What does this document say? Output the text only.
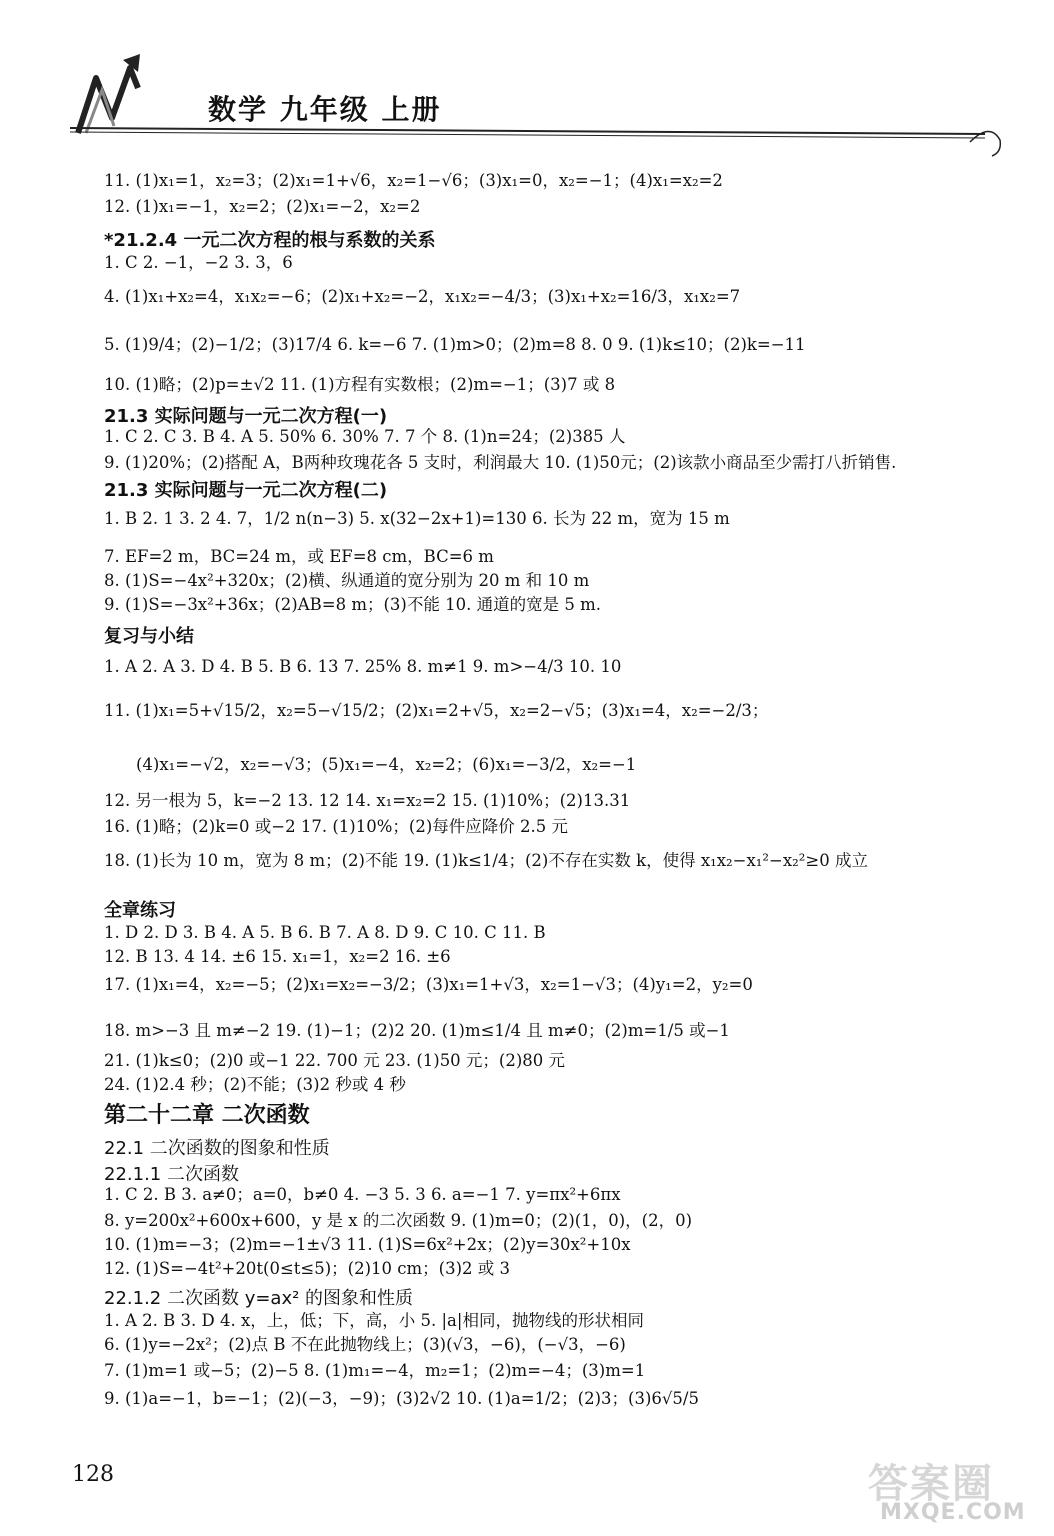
数学 九年级 上册
11. (1)x₁=1，x₂=3；(2)x₁=1+√6，x₂=1−√6；(3)x₁=0，x₂=−1；(4)x₁=x₂=2
12. (1)x₁=−1，x₂=2；(2)x₁=−2，x₂=2
*21.2.4 一元二次方程的根与系数的关系
1. C 2. −1，−2 3. 3，6
4. (1)x₁+x₂=4，x₁x₂=−6；(2)x₁+x₂=−2，x₁x₂=−4/3；(3)x₁+x₂=16/3，x₁x₂=7
5. (1)9/4；(2)−1/2；(3)17/4 6. k=−6 7. (1)m>0；(2)m=8 8. 0 9. (1)k≤10；(2)k=−11
10. (1)略；(2)p=±√2 11. (1)方程有实数根；(2)m=−1；(3)7 或 8
21.3 实际问题与一元二次方程(一)
1. C 2. C 3. B 4. A 5. 50% 6. 30% 7. 7 个 8. (1)n=24；(2)385 人
9. (1)20%；(2)搭配 A，B两种玫瑰花各 5 支时，利润最大 10. (1)50元；(2)该款小商品至少需打八折销售.
21.3 实际问题与一元二次方程(二)
1. B 2. 1 3. 2 4. 7，1/2 n(n−3) 5. x(32−2x+1)=130 6. 长为 22 m，宽为 15 m
7. EF=2 m，BC=24 m，或 EF=8 cm，BC=6 m
8. (1)S=−4x²+320x；(2)横、纵通道的宽分别为 20 m 和 10 m
9. (1)S=−3x²+36x；(2)AB=8 m；(3)不能 10. 通道的宽是 5 m.
复习与小结
1. A 2. A 3. D 4. B 5. B 6. 13 7. 25% 8. m≠1 9. m>−4/3 10. 10
11. (1)x₁=5+√15/2，x₂=5−√15/2；(2)x₁=2+√5，x₂=2−√5；(3)x₁=4，x₂=−2/3；
(4)x₁=−√2，x₂=−√3；(5)x₁=−4，x₂=2；(6)x₁=−3/2，x₂=−1
12. 另一根为 5，k=−2 13. 12 14. x₁=x₂=2 15. (1)10%；(2)13.31
16. (1)略；(2)k=0 或−2 17. (1)10%；(2)每件应降价 2.5 元
18. (1)长为 10 m，宽为 8 m；(2)不能 19. (1)k≤1/4；(2)不存在实数 k，使得 x₁x₂−x₁²−x₂²≥0 成立
全章练习
1. D 2. D 3. B 4. A 5. B 6. B 7. A 8. D 9. C 10. C 11. B
12. B 13. 4 14. ±6 15. x₁=1，x₂=2 16. ±6
17. (1)x₁=4，x₂=−5；(2)x₁=x₂=−3/2；(3)x₁=1+√3，x₂=1−√3；(4)y₁=2，y₂=0
18. m>−3 且 m≠−2 19. (1)−1；(2)2 20. (1)m≤1/4 且 m≠0；(2)m=1/5 或−1
21. (1)k≤0；(2)0 或−1 22. 700 元 23. (1)50 元；(2)80 元
24. (1)2.4 秒；(2)不能；(3)2 秒或 4 秒
第二十二章 二次函数
22.1 二次函数的图象和性质
22.1.1 二次函数
1. C 2. B 3. a≠0；a=0，b≠0 4. −3 5. 3 6. a=−1 7. y=πx²+6πx
8. y=200x²+600x+600，y 是 x 的二次函数 9. (1)m=0；(2)(1，0)，(2，0)
10. (1)m=−3；(2)m=−1±√3 11. (1)S=6x²+2x；(2)y=30x²+10x
12. (1)S=−4t²+20t(0≤t≤5)；(2)10 cm；(3)2 或 3
22.1.2 二次函数 y=ax² 的图象和性质
1. A 2. B 3. D 4. x，上，低；下，高，小 5. |a|相同，抛物线的形状相同
6. (1)y=−2x²；(2)点 B 不在此抛物线上；(3)(√3，−6)，(−√3，−6)
7. (1)m=1 或−5；(2)−5 8. (1)m₁=−4，m₂=1；(2)m=−4；(3)m=1
9. (1)a=−1，b=−1；(2)(−3，−9)；(3)2√2 10. (1)a=1/2；(2)3；(3)6√5/5
128	答案圈
MXQE.COM
